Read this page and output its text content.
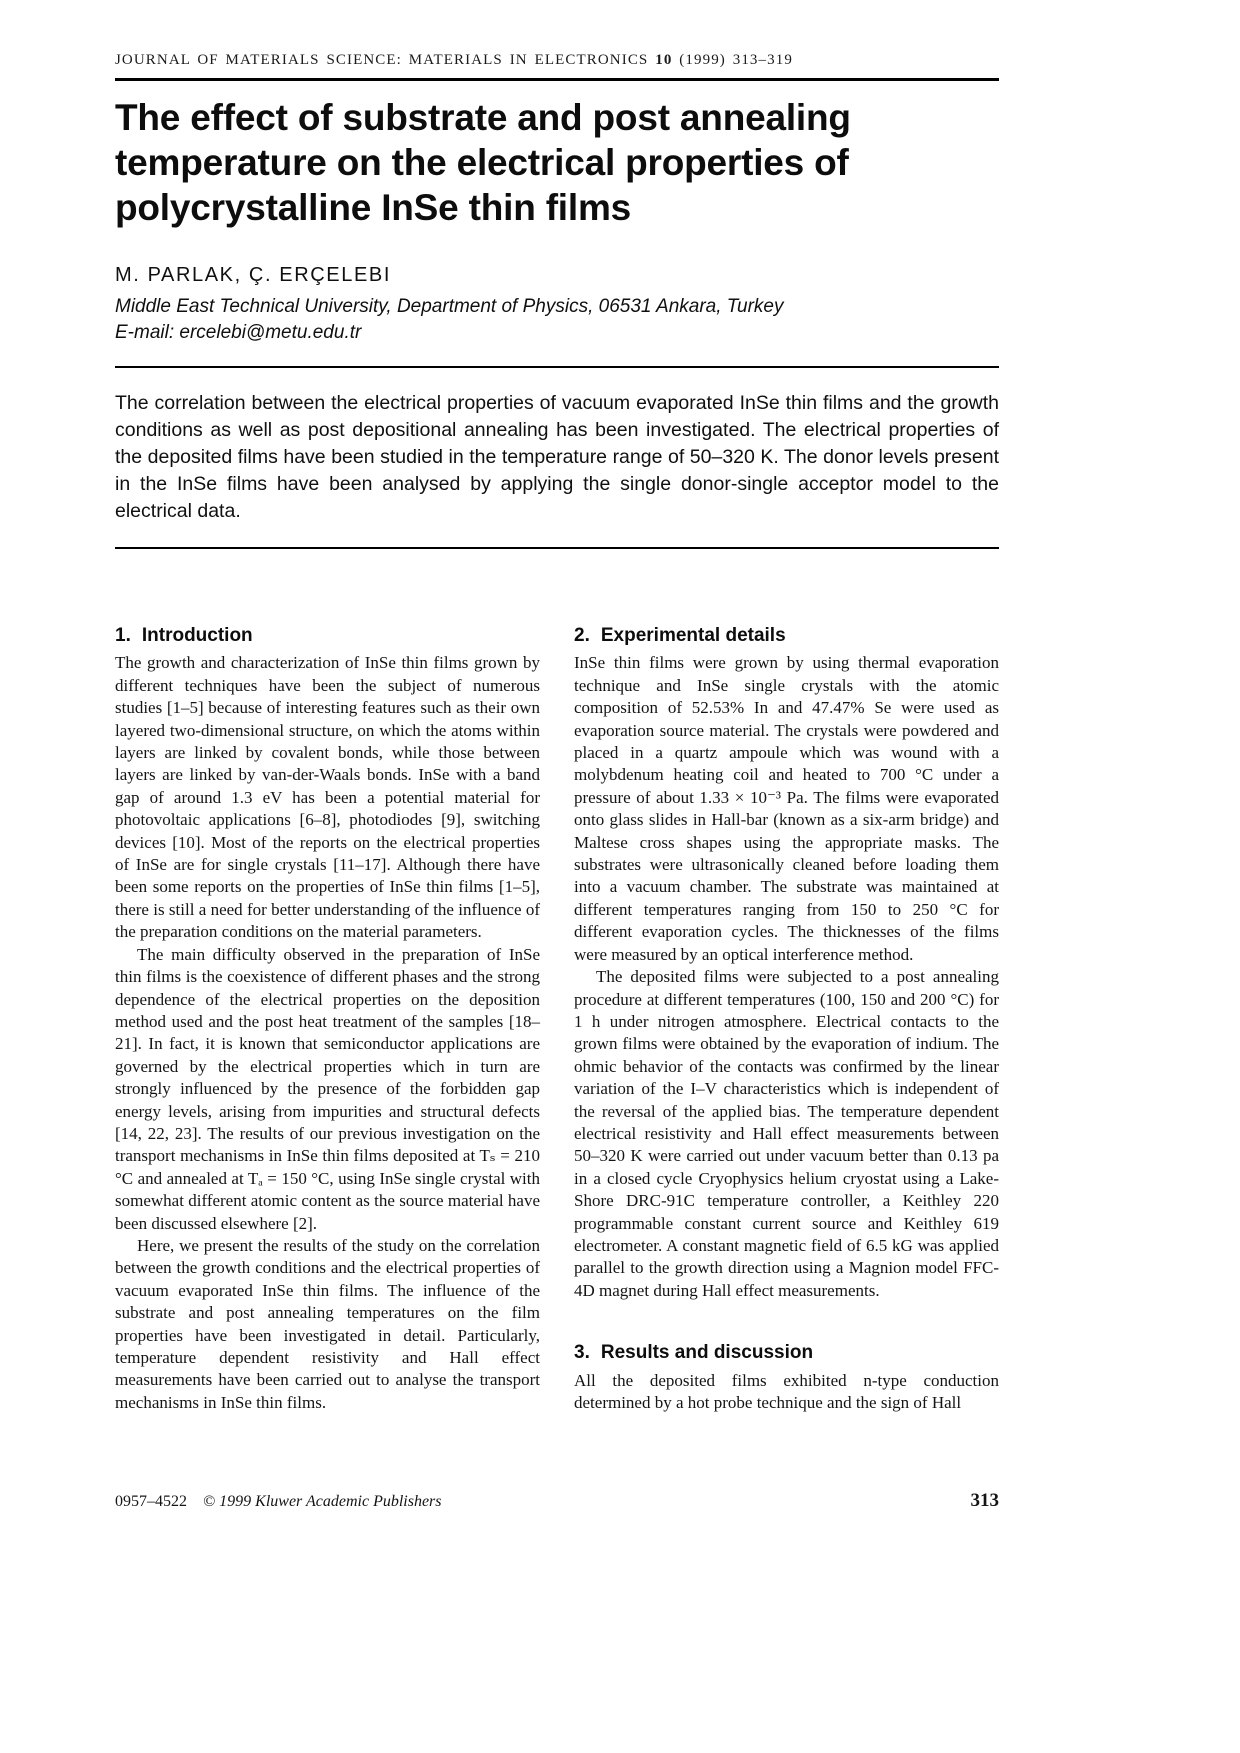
JOURNAL OF MATERIALS SCIENCE: MATERIALS IN ELECTRONICS 10 (1999) 313–319
The effect of substrate and post annealing temperature on the electrical properties of polycrystalline InSe thin films
M. PARLAK, Ç. ERÇELEBI
Middle East Technical University, Department of Physics, 06531 Ankara, Turkey
E-mail: ercelebi@metu.edu.tr

The correlation between the electrical properties of vacuum evaporated InSe thin films and the growth conditions as well as post depositional annealing has been investigated. The electrical properties of the deposited films have been studied in the temperature range of 50–320 K. The donor levels present in the InSe films have been analysed by applying the single donor-single acceptor model to the electrical data.

1. Introduction

The growth and characterization of InSe thin films grown by different techniques have been the subject of numerous studies [1–5] because of interesting features such as their own layered two-dimensional structure, on which the atoms within layers are linked by covalent bonds, while those between layers are linked by van-der-Waals bonds. InSe with a band gap of around 1.3 eV has been a potential material for photovoltaic applications [6–8], photodiodes [9], switching devices [10]. Most of the reports on the electrical properties of InSe are for single crystals [11–17]. Although there have been some reports on the properties of InSe thin films [1–5], there is still a need for better understanding of the influence of the preparation conditions on the material parameters.

The main difficulty observed in the preparation of InSe thin films is the coexistence of different phases and the strong dependence of the electrical properties on the deposition method used and the post heat treatment of the samples [18–21]. In fact, it is known that semiconductor applications are governed by the electrical properties which in turn are strongly influenced by the presence of the forbidden gap energy levels, arising from impurities and structural defects [14, 22, 23]. The results of our previous investigation on the transport mechanisms in InSe thin films deposited at Tₛ = 210 °C and annealed at Tₐ = 150 °C, using InSe single crystal with somewhat different atomic content as the source material have been discussed elsewhere [2].

Here, we present the results of the study on the correlation between the growth conditions and the electrical properties of vacuum evaporated InSe thin films. The influence of the substrate and post annealing temperatures on the film properties have been investigated in detail. Particularly, temperature dependent resistivity and Hall effect measurements have been carried out to analyse the transport mechanisms in InSe thin films.

2. Experimental details

InSe thin films were grown by using thermal evaporation technique and InSe single crystals with the atomic composition of 52.53% In and 47.47% Se were used as evaporation source material. The crystals were powdered and placed in a quartz ampoule which was wound with a molybdenum heating coil and heated to 700 °C under a pressure of about 1.33 × 10⁻³ Pa. The films were evaporated onto glass slides in Hall-bar (known as a six-arm bridge) and Maltese cross shapes using the appropriate masks. The substrates were ultrasonically cleaned before loading them into a vacuum chamber. The substrate was maintained at different temperatures ranging from 150 to 250 °C for different evaporation cycles. The thicknesses of the films were measured by an optical interference method.

The deposited films were subjected to a post annealing procedure at different temperatures (100, 150 and 200 °C) for 1 h under nitrogen atmosphere. Electrical contacts to the grown films were obtained by the evaporation of indium. The ohmic behavior of the contacts was confirmed by the linear variation of the I–V characteristics which is independent of the reversal of the applied bias. The temperature dependent electrical resistivity and Hall effect measurements between 50–320 K were carried out under vacuum better than 0.13 pa in a closed cycle Cryophysics helium cryostat using a Lake-Shore DRC-91C temperature controller, a Keithley 220 programmable constant current source and Keithley 619 electrometer. A constant magnetic field of 6.5 kG was applied parallel to the growth direction using a Magnion model FFC-4D magnet during Hall effect measurements.

3. Results and discussion

All the deposited films exhibited n-type conduction determined by a hot probe technique and the sign of Hall

0957–4522 © 1999 Kluwer Academic Publishers	313
